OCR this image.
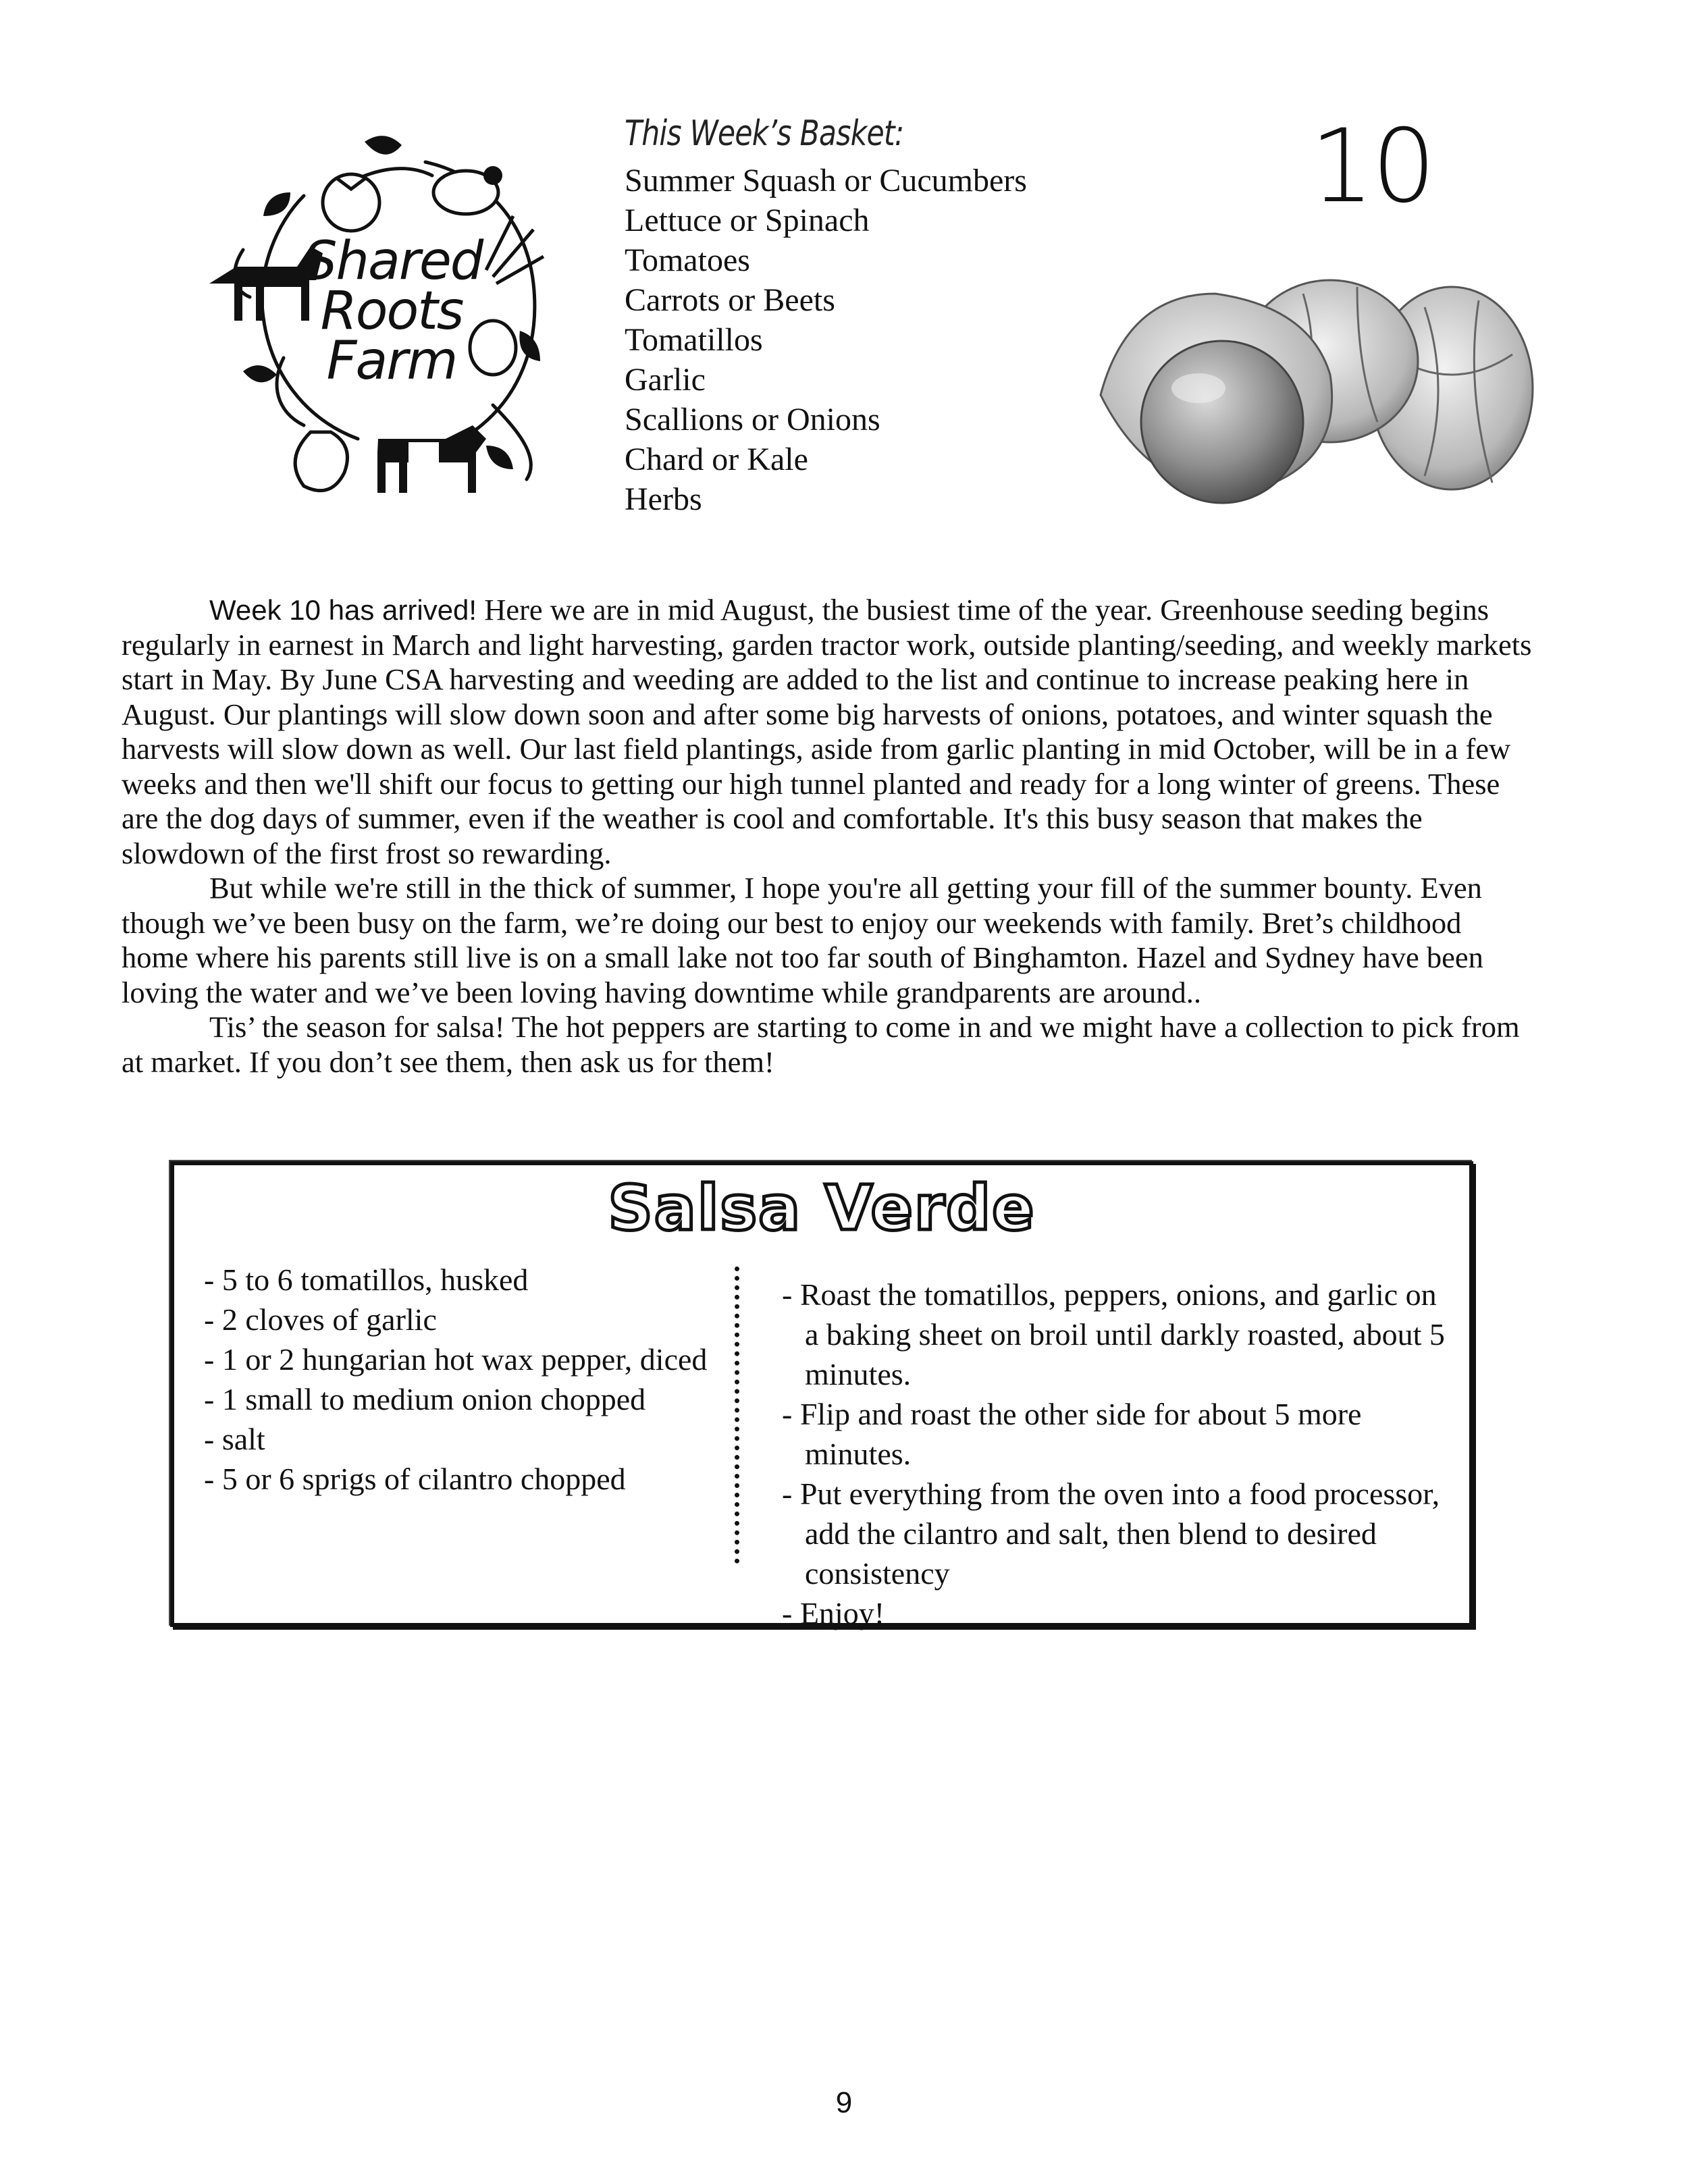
Shared
Roots
Farm
This Week’s Basket:
Summer Squash or Cucumbers
Lettuce or Spinach
Tomatoes
Carrots or Beets
Tomatillos
Garlic
Scallions or Onions
Chard or Kale
Herbs
10

Week 10 has arrived! Here we are in mid August, the busiest time of the year. Greenhouse seeding begins regularly in earnest in March and light harvesting, garden tractor work, outside planting/seeding, and weekly markets start in May. By June CSA harvesting and weeding are added to the list and continue to increase peaking here in August. Our plantings will slow down soon and after some big harvests of onions, potatoes, and winter squash the harvests will slow down as well. Our last field plantings, aside from garlic planting in mid October, will be in a few weeks and then we'll shift our focus to getting our high tunnel planted and ready for a long winter of greens. These are the dog days of summer, even if the weather is cool and comfortable. It's this busy season that makes the slowdown of the first frost so rewarding.

But while we're still in the thick of summer, I hope you're all getting your fill of the summer bounty. Even though we’ve been busy on the farm, we’re doing our best to enjoy our weekends with family. Bret’s childhood home where his parents still live is on a small lake not too far south of Binghamton. Hazel and Sydney have been loving the water and we’ve been loving having downtime while grandparents are around..

Tis’ the season for salsa! The hot peppers are starting to come in and we might have a collection to pick from at market. If you don’t see them, then ask us for them!

Salsa Verde
- 5 to 6 tomatillos, husked
- 2 cloves of garlic
- 1 or 2 hungarian hot wax pepper, diced
- 1 small to medium onion chopped
- salt
- 5 or 6 sprigs of cilantro chopped
- Roast the tomatillos, peppers, onions, and garlic on a baking sheet on broil until darkly roasted, about 5 minutes.
- Flip and roast the other side for about 5 more minutes.
- Put everything from the oven into a food processor, add the cilantro and salt, then blend to desired consistency
- Enjoy!
9
